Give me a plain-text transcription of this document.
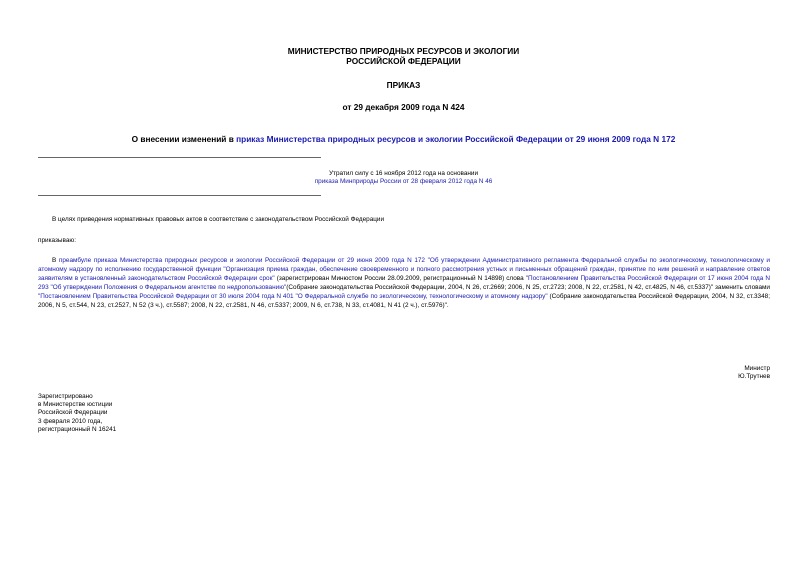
МИНИСТЕРСТВО ПРИРОДНЫХ РЕСУРСОВ И ЭКОЛОГИИ
РОССИЙСКОЙ ФЕДЕРАЦИИ
ПРИКАЗ
от 29 декабря 2009 года N 424
О внесении изменений в приказ Министерства природных ресурсов и экологии Российской Федерации от 29 июня 2009 года N 172
Утратил силу с 16 ноября 2012 года на основании
приказа Минприроды России от 28 февраля 2012 года N 46
В целях приведения нормативных правовых актов в соответствие с законодательством Российской Федерации
приказываю:
В преамбуле приказа Министерства природных ресурсов и экологии Российской Федерации от 29 июня 2009 года N 172 "Об утверждении Административного регламента Федеральной службы по экологическому, технологическому и атомному надзору по исполнению государственной функции "Организация приема граждан, обеспечение своевременного и полного рассмотрения устных и письменных обращений граждан, принятие по ним решений и направление ответов заявителям в установленный законодательством Российской Федерации срок" (зарегистрирован Минюстом России 28.09.2009, регистрационный N 14898) слова "Постановлением Правительства Российской Федерации от 17 июня 2004 года N 293 "Об утверждении Положения о Федеральном агентстве по недропользованию"(Собрание законодательства Российской Федерации, 2004, N 26, ст.2669; 2006, N 25, ст.2723; 2008, N 22, ст.2581, N 42, ст.4825, N 46, ст.5337)" заменить словами "Постановлением Правительства Российской Федерации от 30 июля 2004 года N 401 "О Федеральной службе по экологическому, технологическому и атомному надзору" (Собрание законодательства Российской Федерации, 2004, N 32, ст.3348; 2006, N 5, ст.544, N 23, ст.2527, N 52 (3 ч.), ст.5587; 2008, N 22, ст.2581, N 46, ст.5337; 2009, N 6, ст.738, N 33, ст.4081, N 41 (2 ч.), ст.5976)".
Министр
Ю.Трутнев
Зарегистрировано
в Министерстве юстиции
Российской Федерации
3 февраля 2010 года,
регистрационный N 16241
